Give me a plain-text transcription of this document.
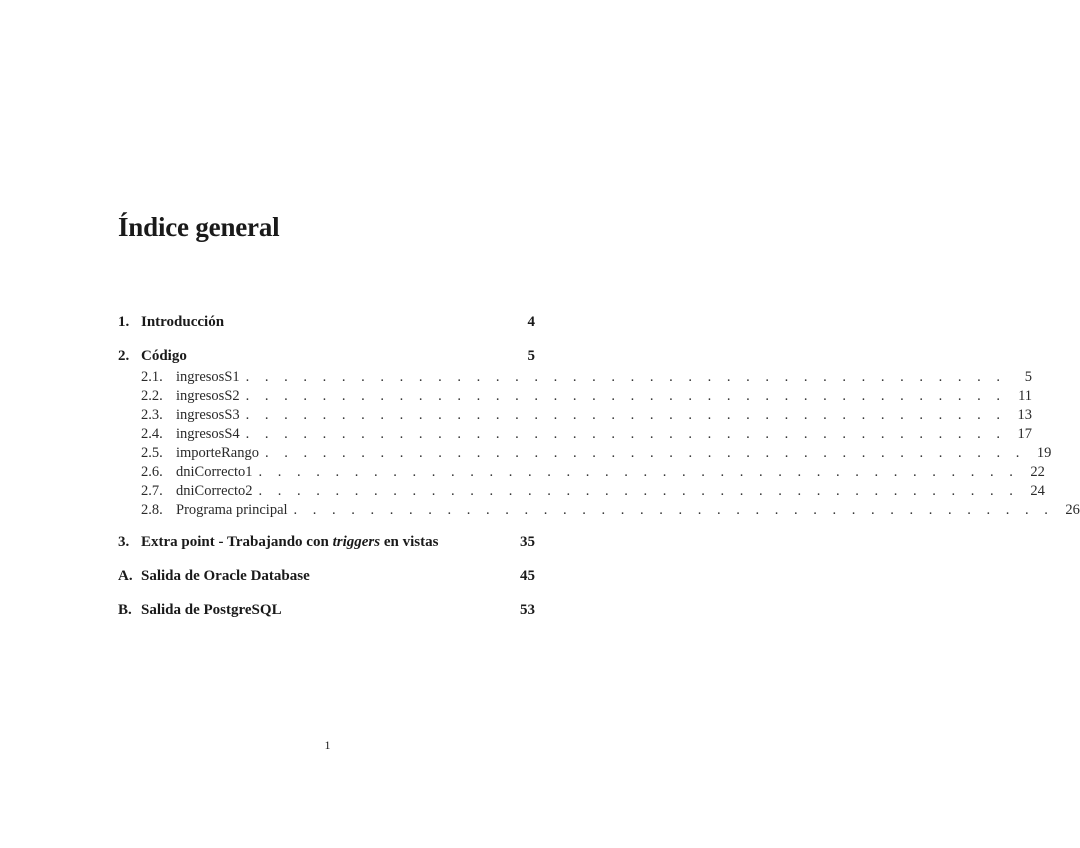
Índice general
1. Introducción	4
2. Código	5
2.1. ingresosS1 . . . . . . . . . . . . . . . . . . . . . . . . . . . . . . . . . . . . . . . .	5
2.2. ingresosS2 . . . . . . . . . . . . . . . . . . . . . . . . . . . . . . . . . . . . . . . . 11
2.3. ingresosS3 . . . . . . . . . . . . . . . . . . . . . . . . . . . . . . . . . . . . . . . . 13
2.4. ingresosS4 . . . . . . . . . . . . . . . . . . . . . . . . . . . . . . . . . . . . . . . . 17
2.5. importeRango . . . . . . . . . . . . . . . . . . . . . . . . . . . . . . . . . . . . . . . . 19
2.6. dniCorrecto1 . . . . . . . . . . . . . . . . . . . . . . . . . . . . . . . . . . . . . . . . 22
2.7. dniCorrecto2 . . . . . . . . . . . . . . . . . . . . . . . . . . . . . . . . . . . . . . . . 24
2.8. Programa principal . . . . . . . . . . . . . . . . . . . . . . . . . . . . . . . . . . . . . . . . 26
3. Extra point - Trabajando con triggers en vistas	35
A. Salida de Oracle Database	45
B. Salida de PostgreSQL	53
1
